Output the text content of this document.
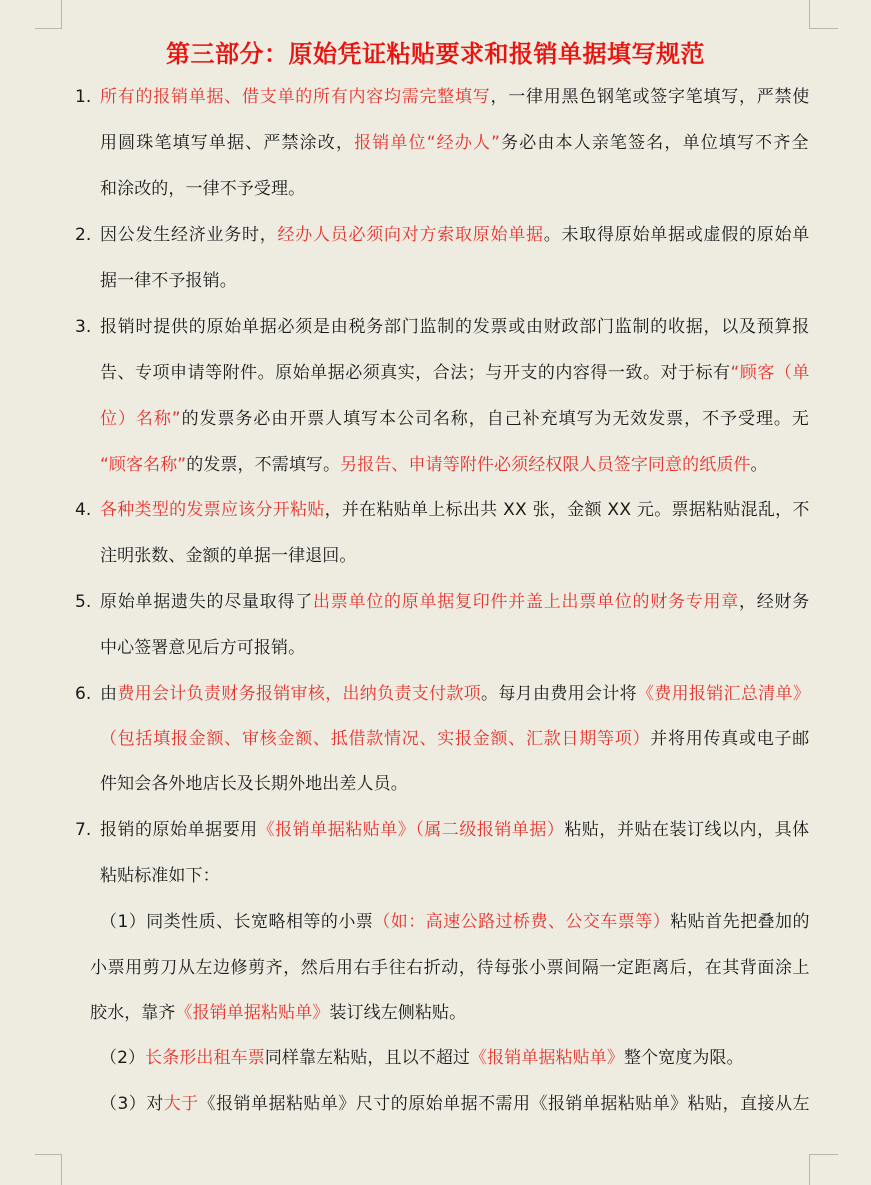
第三部分：原始凭证粘贴要求和报销单据填写规范
1. 所有的报销单据、借支单的所有内容均需完整填写，一律用黑色钢笔或签字笔填写，严禁使
用圆珠笔填写单据、严禁涂改，报销单位“经办人”务必由本人亲笔签名，单位填写不齐全
和涂改的，一律不予受理。
2. 因公发生经济业务时，经办人员必须向对方索取原始单据。未取得原始单据或虚假的原始单
据一律不予报销。
3. 报销时提供的原始单据必须是由税务部门监制的发票或由财政部门监制的收据，以及预算报
告、专项申请等附件。原始单据必须真实，合法；与开支的内容得一致。对于标有“顾客（单
位）名称”的发票务必由开票人填写本公司名称，自己补充填写为无效发票，不予受理。无
“顾客名称”的发票，不需填写。另报告、申请等附件必须经权限人员签字同意的纸质件。
4. 各种类型的发票应该分开粘贴，并在粘贴单上标出共 XX 张，金额 XX 元。票据粘贴混乱，不
注明张数、金额的单据一律退回。
5. 原始单据遗失的尽量取得了出票单位的原单据复印件并盖上出票单位的财务专用章，经财务
中心签署意见后方可报销。
6. 由费用会计负责财务报销审核，出纳负责支付款项。每月由费用会计将《费用报销汇总清单》
（包括填报金额、审核金额、抵借款情况、实报金额、汇款日期等项）并将用传真或电子邮
件知会各外地店长及长期外地出差人员。
7. 报销的原始单据要用《报销单据粘贴单》（属二级报销单据）粘贴，并贴在装订线以内，具体
粘贴标准如下：
（1）同类性质、长宽略相等的小票（如：高速公路过桥费、公交车票等）粘贴首先把叠加的
小票用剪刀从左边修剪齐，然后用右手往右折动，待每张小票间隔一定距离后，在其背面涂上
胶水，靠齐《报销单据粘贴单》装订线左侧粘贴。
（2）长条形出租车票同样靠左粘贴，且以不超过《报销单据粘贴单》整个宽度为限。
（3）对大于《报销单据粘贴单》尺寸的原始单据不需用《报销单据粘贴单》粘贴，直接从左
